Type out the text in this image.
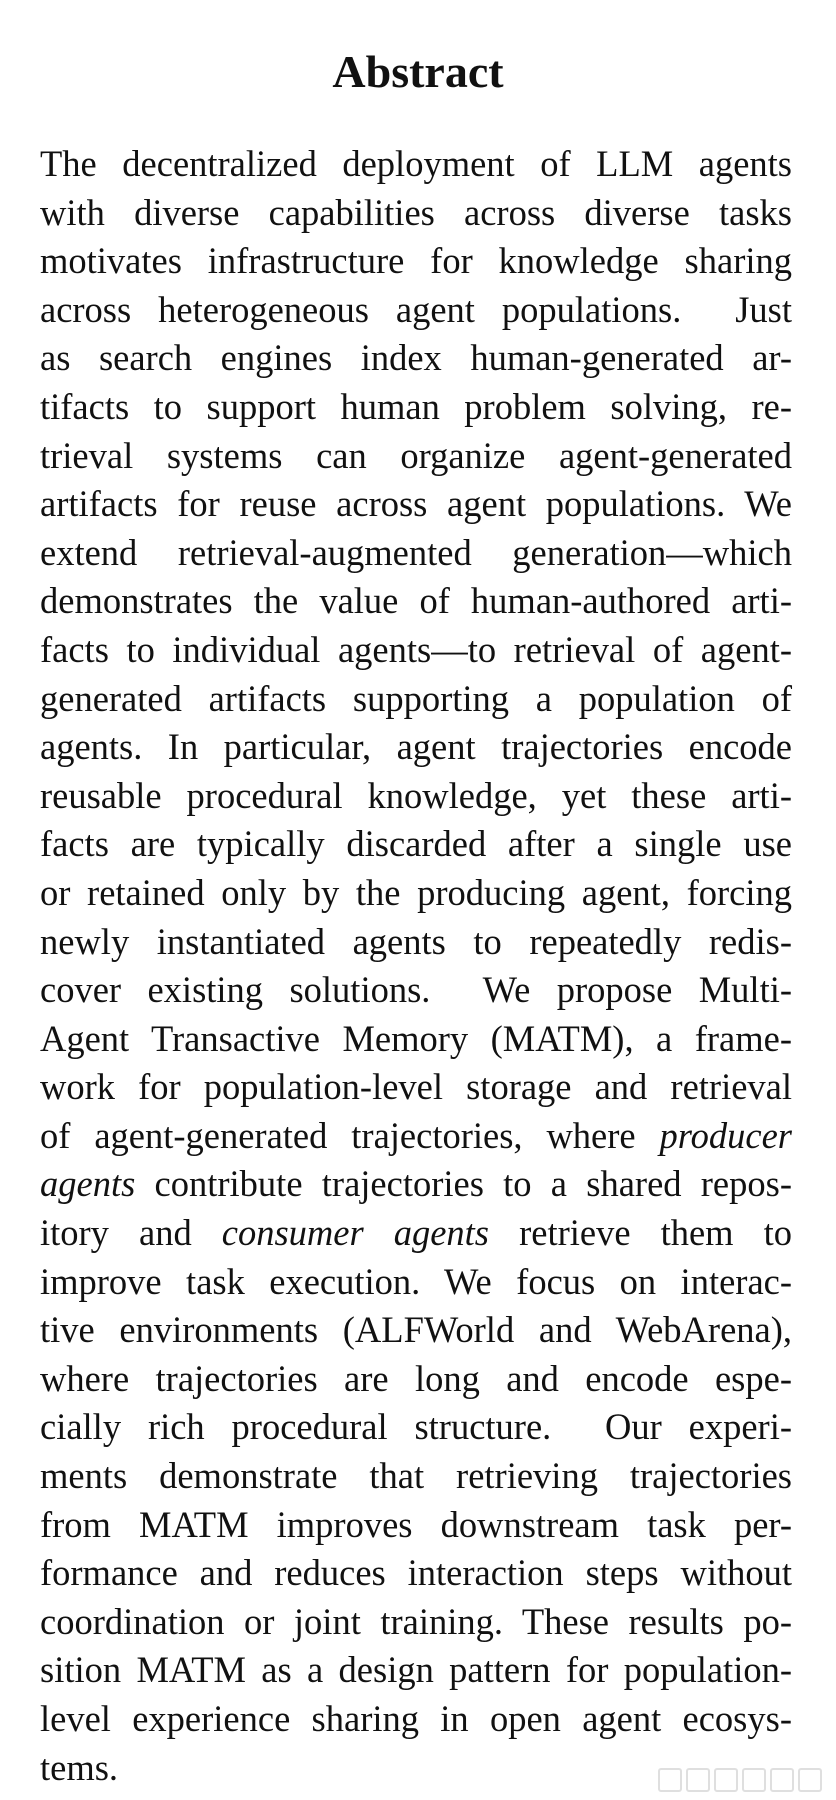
Abstract
The decentralized deployment of LLM agents
with diverse capabilities across diverse tasks
motivates infrastructure for knowledge sharing
across heterogeneous agent populations.  Just
as search engines index human-generated ar-
tifacts to support human problem solving, re-
trieval systems can organize agent-generated
artifacts for reuse across agent populations. We
extend retrieval-augmented generation—which
demonstrates the value of human-authored arti-
facts to individual agents—to retrieval of agent-
generated artifacts supporting a population of
agents. In particular, agent trajectories encode
reusable procedural knowledge, yet these arti-
facts are typically discarded after a single use
or retained only by the producing agent, forcing
newly instantiated agents to repeatedly redis-
cover existing solutions.  We propose Multi-
Agent Transactive Memory (MATM), a frame-
work for population-level storage and retrieval
of agent-generated trajectories, where producer
agents contribute trajectories to a shared repos-
itory and consumer agents retrieve them to
improve task execution. We focus on interac-
tive environments (ALFWorld and WebArena),
where trajectories are long and encode espe-
cially rich procedural structure.  Our experi-
ments demonstrate that retrieving trajectories
from MATM improves downstream task per-
formance and reduces interaction steps without
coordination or joint training. These results po-
sition MATM as a design pattern for population-
level experience sharing in open agent ecosys-
tems.
